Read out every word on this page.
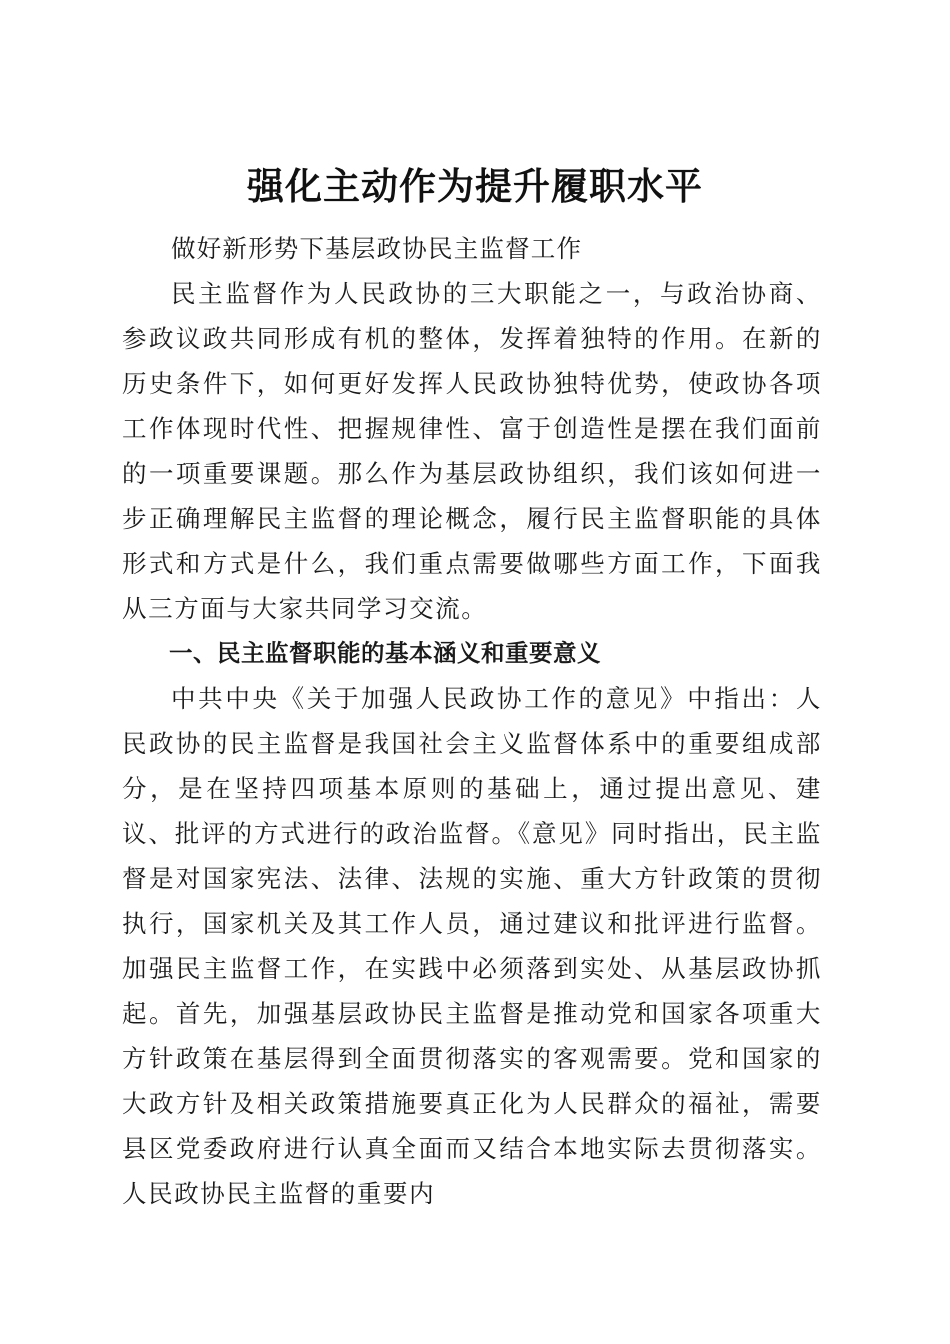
强化主动作为提升履职水平

做好新形势下基层政协民主监督工作

民主监督作为人民政协的三大职能之一，与政治协商、参政议政共同形成有机的整体，发挥着独特的作用。在新的历史条件下，如何更好发挥人民政协独特优势，使政协各项工作体现时代性、把握规律性、富于创造性是摆在我们面前的一项重要课题。那么作为基层政协组织，我们该如何进一步正确理解民主监督的理论概念，履行民主监督职能的具体形式和方式是什么，我们重点需要做哪些方面工作，下面我从三方面与大家共同学习交流。

一、民主监督职能的基本涵义和重要意义

中共中央《关于加强人民政协工作的意见》中指出：人民政协的民主监督是我国社会主义监督体系中的重要组成部分，是在坚持四项基本原则的基础上，通过提出意见、建议、批评的方式进行的政治监督。《意见》同时指出，民主监督是对国家宪法、法律、法规的实施、重大方针政策的贯彻执行，国家机关及其工作人员，通过建议和批评进行监督。加强民主监督工作，在实践中必须落到实处、从基层政协抓起。首先，加强基层政协民主监督是推动党和国家各项重大方针政策在基层得到全面贯彻落实的客观需要。党和国家的大政方针及相关政策措施要真正化为人民群众的福祉，需要县区党委政府进行认真全面而又结合本地实际去贯彻落实。人民政协民主监督的重要内
